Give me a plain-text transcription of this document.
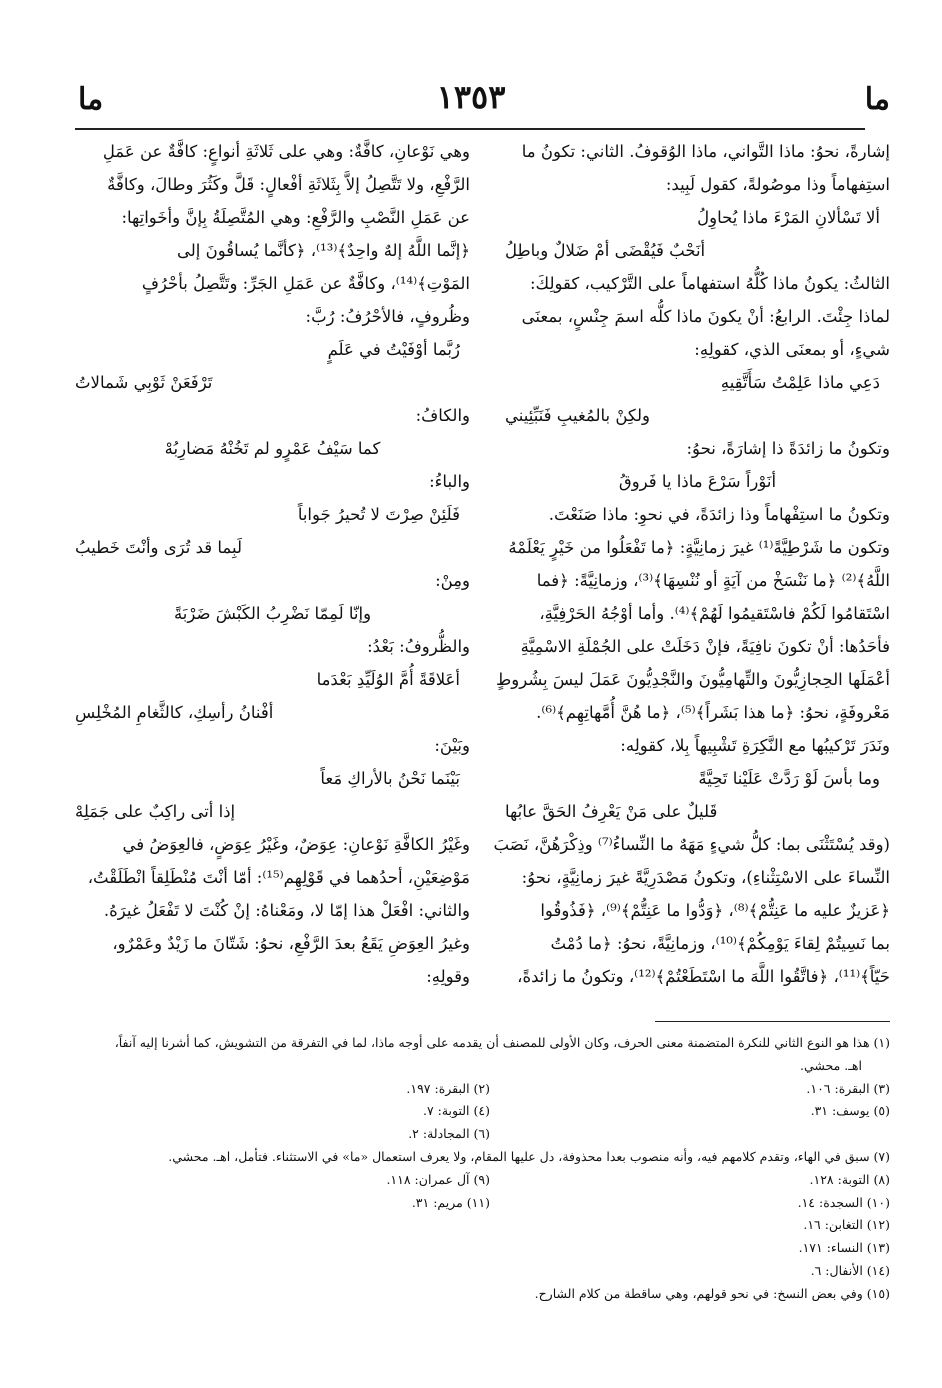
ما
١٣٥٣
ما
إشارةً، نحوُ: ماذا التَّواني، ماذا الوُقوفُ. الثاني: تكونُ ما
استِفهاماً وذا موصُولةً، كقول لَبِيد:
ألا تَسْألانِ المَرْءَ ماذا يُحاوِلُ
أنَحْبٌ فَيُقْضَى أمْ ضَلالٌ وباطِلُ
الثالثُ: يكونُ ماذا كُلُّهُ استفهاماً على التَّرْكيب، كقولِكَ:
لماذا جِئْتَ. الرابعُ: أنْ يكونَ ماذا كلُّه اسمَ جِنْسٍ، بمعنَى
شيءٍ، أو بمعنَى الذي، كقولِهِ:
دَعِي ماذا عَلِمْتُ سَأَتَّقِيهِ
ولكِنْ بالمُغيبِ فَنَبِّئِيني
وتكونُ ما زائدَةً ذا إشارَةً، نحوُ:
أنَوْراً سَرْعَ ماذا يا فَروقُ
وتكونُ ما استِفْهاماً وذا زائدَةً، في نحوِ: ماذا صَنَعْتَ.
وتكون ما شَرْطِيَّةً⁽¹⁾ غيرَ زمانِيَّةٍ: ﴿ما تَفْعَلُوا من خَيْرٍ يَعْلَمْهُ
اللَّهُ﴾⁽²⁾ ﴿ما نَنْسَخْ من آيَةٍ أو نُنْسِهَا﴾⁽³⁾، وزمانِيَّةً: ﴿فما
اسْتَقامُوا لَكُمْ فاسْتَقيمُوا لَهُمْ﴾⁽⁴⁾. وأما أوْجُهُ الحَرْفِيَّةِ،
فأحَدُها: أنْ تكونَ نافِيَةً، فإنْ دَخَلَتْ على الجُمْلَةِ الاسْمِيَّةِ
أعْمَلَها الحِجازِيُّونَ والتِّهامِيُّونَ والنَّجْدِيُّونَ عَمَلَ ليسَ بِشُروطٍ
مَعْروفَةٍ، نحوُ: ﴿ما هذا بَشَراً﴾⁽⁵⁾، ﴿ما هُنَّ أُمَّهاتِهِم﴾⁽⁶⁾.
ونَدَرَ تَرْكيبُها مع النَّكِرَةِ تَشْبِيهاً بِلا، كقولِه:
وما بأسَ لَوْ رَدَّتْ عَلَيْنا تَحِيَّةً
قَليلٌ على مَنْ يَعْرِفُ الحَقَّ عابُها
(وقد يُسْتَثْنَى بما: كلُّ شيءٍ مَهَهٌ ما النِّساءُ⁽⁷⁾ وذِكْرَهُنَّ، نَصَبَ
النِّساءَ على الاسْتِثْناءِ)، وتكونُ مَصْدَرِيَّةً غيرَ زمانِيَّةٍ، نحوُ:
﴿عَزيزٌ عليه ما عَنِتُّمْ﴾⁽⁸⁾، ﴿وَدُّوا ما عَنِتُّمْ﴾⁽⁹⁾، ﴿فَذُوقُوا
بما نَسِيتُمْ لِقاءَ يَوْمِكُمْ﴾⁽¹⁰⁾، وزمانِيَّةً، نحوُ: ﴿ما دُمْتُ
حَيّاً﴾⁽¹¹⁾، ﴿فاتَّقُوا اللَّهَ ما اسْتَطَعْتُمْ﴾⁽¹²⁾، وتكونُ ما زائدةً،
وهي نَوْعانِ، كافَّةٌ: وهي على ثَلاثَةِ أنواعٍ: كافَّةٌ عن عَمَلِ
الرَّفْعِ، ولا تَتَّصِلُ إلاَّ بِثَلاثَةِ أفْعالٍ: قَلَّ وكَثُرَ وطالَ، وكافَّةٌ
عن عَمَلِ النَّصْبِ والرَّفْعِ: وهي المُتَّصِلَةُ بِإنَّ وأخَواتِها:
﴿إنَّما اللَّهُ إلهٌ واحِدٌ﴾⁽¹³⁾، ﴿كأنَّما يُساقُونَ إلى
المَوْتِ﴾⁽¹⁴⁾، وكافَّةٌ عن عَمَلِ الجَرِّ: وتَتَّصِلُ بأحْرُفٍ
وظُروفٍ، فالأحْرُفُ: رُبَّ:
رُبَّما أوْفَيْتُ في عَلَمٍ
تَرْفَعَنْ ثَوْبِي شَمالاتُ
والكافُ:
كما سَيْفُ عَمْرٍو لم تَخُنْهُ مَضارِبُهْ
والباءُ:
فَلَئِنْ صِرْتَ لا تُحيرُ جَواباً
لَبِما قد تُرَى وأنْتَ خَطيبُ
ومِنْ:
وإنّا لَمِمّا نَضْرِبُ الكَبْشَ ضَرْبَةً
والظُّروفُ: بَعْدُ:
أعَلاقَةً أُمَّ الوُلَيِّدِ بَعْدَما
أفْنانُ رأسِكِ، كالثَّغامِ المُخْلِسِ
وبَيْنَ:
بَيْنَما نَحْنُ بالأراكِ مَعاً
إذا أتى راكِبٌ على جَمَلِهْ
وغَيْرُ الكافَّةِ نَوْعانِ: عِوَضٌ، وغَيْرُ عِوَضٍ، فالعِوَضُ في
مَوْضِعَيْنِ، أحدُهما في قَوْلِهِم⁽¹⁵⁾: أمّا أنْتَ مُنْطَلِقاً انْطَلَقْتُ،
والثاني: افْعَلْ هذا إمّا لا، ومَعْناهُ: إنْ كُنْتَ لا تَفْعَلُ غيرَهُ.
وغيرُ العِوَضِ يَقَعُ بعدَ الرَّفْعِ، نحوُ: شَتّانَ ما زَيْدٌ وعَمْرٌو،
وقولِهِ:
(١) هذا هو النوع الثاني للنكرة المتضمنة معنى الحرف، وكان الأولى للمصنف أن يقدمه على أوجه ماذا، لما في التفرقة من التشويش، كما أشرنا إليه آنفاً،
اهـ. محشي.
(٣) البقرة: ١٠٦.
(٢) البقرة: ١٩٧.
(٥) يوسف: ٣١.
(٤) التوبة: ٧.
(٦) المجادلة: ٢.
(٧) سبق في الهاء، وتقدم كلامهم فيه، وأنه منصوب بعدا محذوفة، دل عليها المقام، ولا يعرف استعمال «ما» في الاستثناء. فتأمل، اهـ. محشي.
(٨) التوبة: ١٢٨.
(٩) آل عمران: ١١٨.
(١٠) السجدة: ١٤.
(١١) مريم: ٣١.
(١٢) التغابن: ١٦.
(١٣) النساء: ١٧١.
(١٤) الأنفال: ٦.
(١٥) وفي بعض النسخ: في نحو قولهم، وهي ساقطة من كلام الشارح.
